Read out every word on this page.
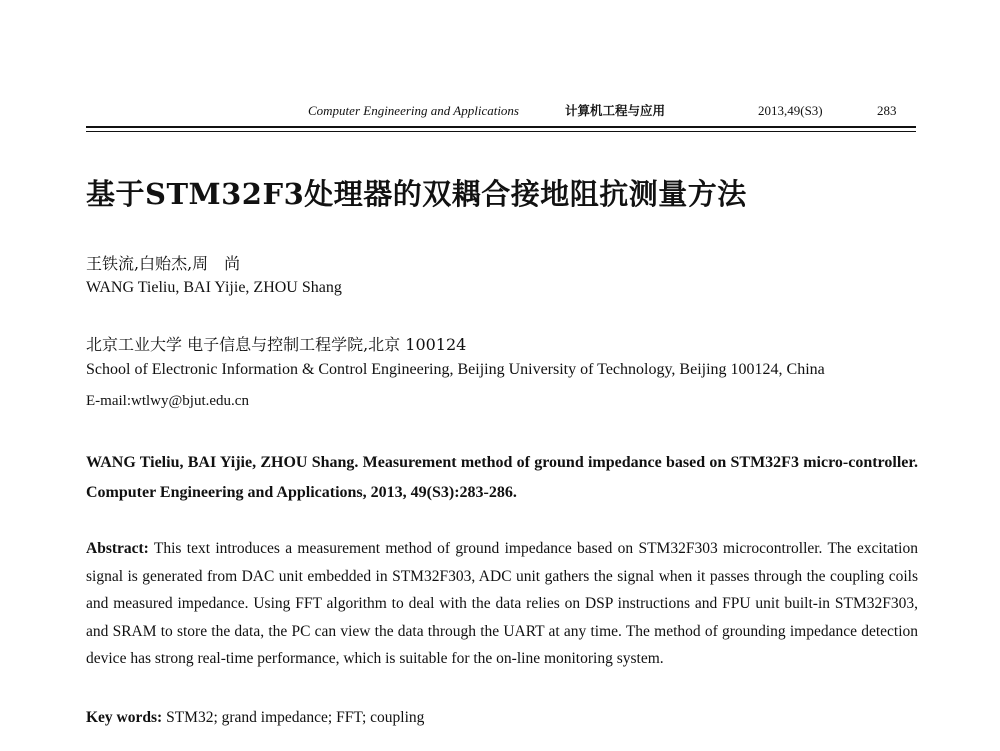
Computer Engineering and Applications	计算机工程与应用	2013,49(S3)	283
基于STM32F3处理器的双耦合接地阻抗测量方法
王铁流,白贻杰,周　尚
WANG Tieliu, BAI Yijie, ZHOU Shang
北京工业大学 电子信息与控制工程学院,北京 100124
School of Electronic Information & Control Engineering, Beijing University of Technology, Beijing 100124, China
E-mail:wtlwy@bjut.edu.cn
WANG Tieliu, BAI Yijie, ZHOU Shang. Measurement method of ground impedance based on STM32F3 micro-controller. Computer Engineering and Applications, 2013, 49(S3):283-286.
Abstract: This text introduces a measurement method of ground impedance based on STM32F303 microcontroller. The excitation signal is generated from DAC unit embedded in STM32F303, ADC unit gathers the signal when it passes through the coupling coils and measured impedance. Using FFT algorithm to deal with the data relies on DSP instructions and FPU unit built-in STM32F303, and SRAM to store the data, the PC can view the data through the UART at any time. The method of grounding impedance detection device has strong real-time performance, which is suitable for the on-line monitoring system.
Key words: STM32; grand impedance; FFT; coupling
